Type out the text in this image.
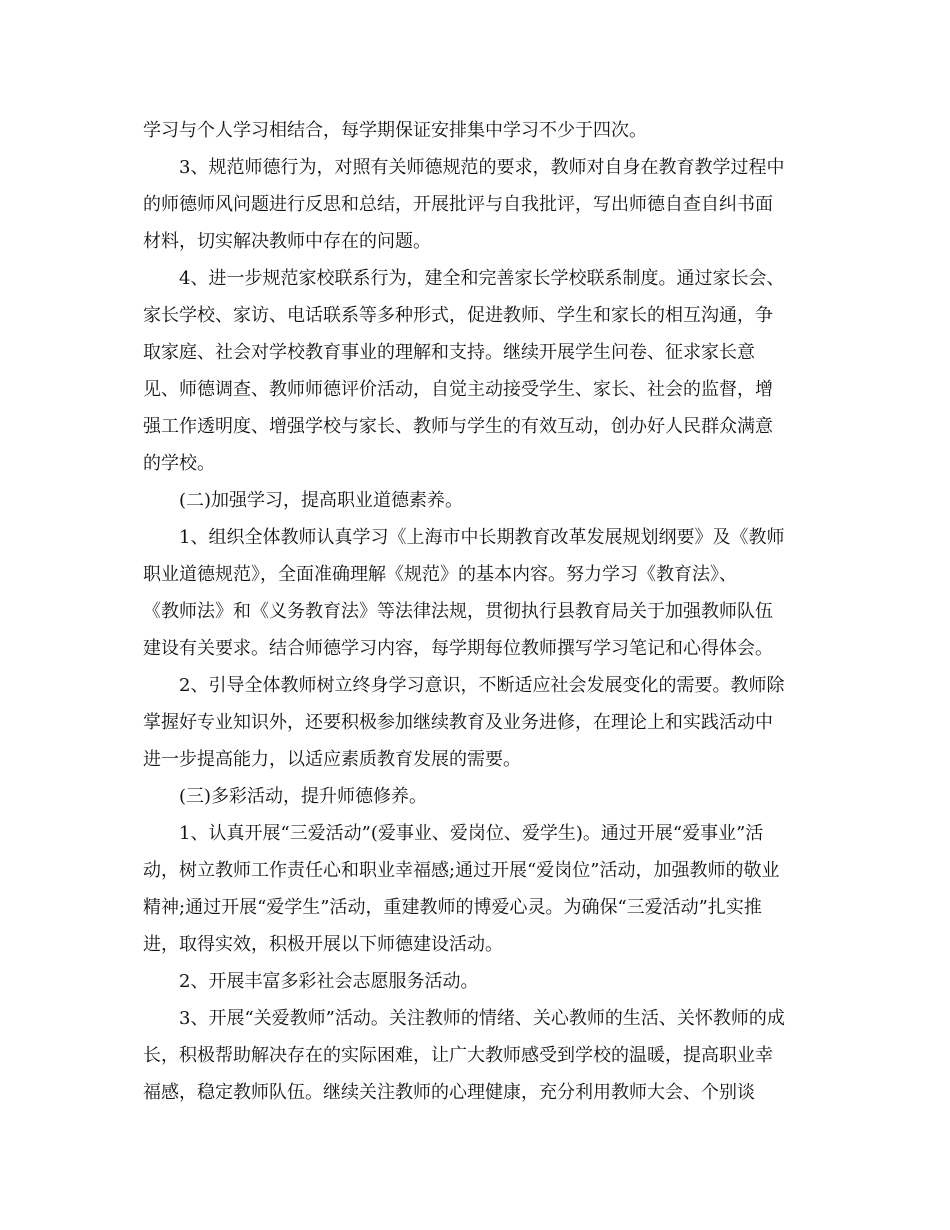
学习与个人学习相结合，每学期保证安排集中学习不少于四次。
3、规范师德行为，对照有关师德规范的要求，教师对自身在教育教学过程中
的师德师风问题进行反思和总结，开展批评与自我批评，写出师德自查自纠书面
材料，切实解决教师中存在的问题。
4、进一步规范家校联系行为，建全和完善家长学校联系制度。通过家长会、
家长学校、家访、电话联系等多种形式，促进教师、学生和家长的相互沟通，争
取家庭、社会对学校教育事业的理解和支持。继续开展学生问卷、征求家长意
见、师德调查、教师师德评价活动，自觉主动接受学生、家长、社会的监督，增
强工作透明度、增强学校与家长、教师与学生的有效互动，创办好人民群众满意
的学校。
(二)加强学习，提高职业道德素养。
1、组织全体教师认真学习《上海市中长期教育改革发展规划纲要》及《教师
职业道德规范》，全面准确理解《规范》的基本内容。努力学习《教育法》、
《教师法》和《义务教育法》等法律法规，贯彻执行县教育局关于加强教师队伍
建设有关要求。结合师德学习内容，每学期每位教师撰写学习笔记和心得体会。
2、引导全体教师树立终身学习意识，不断适应社会发展变化的需要。教师除
掌握好专业知识外，还要积极参加继续教育及业务进修，在理论上和实践活动中
进一步提高能力，以适应素质教育发展的需要。
(三)多彩活动，提升师德修养。
1、认真开展“三爱活动”(爱事业、爱岗位、爱学生)。通过开展“爱事业”活
动，树立教师工作责任心和职业幸福感;通过开展“爱岗位”活动，加强教师的敬业
精神;通过开展“爱学生”活动，重建教师的博爱心灵。为确保“三爱活动”扎实推
进，取得实效，积极开展以下师德建设活动。
2、开展丰富多彩社会志愿服务活动。
3、开展“关爱教师”活动。关注教师的情绪、关心教师的生活、关怀教师的成
长，积极帮助解决存在的实际困难，让广大教师感受到学校的温暖，提高职业幸
福感，稳定教师队伍。继续关注教师的心理健康，充分利用教师大会、个别谈
